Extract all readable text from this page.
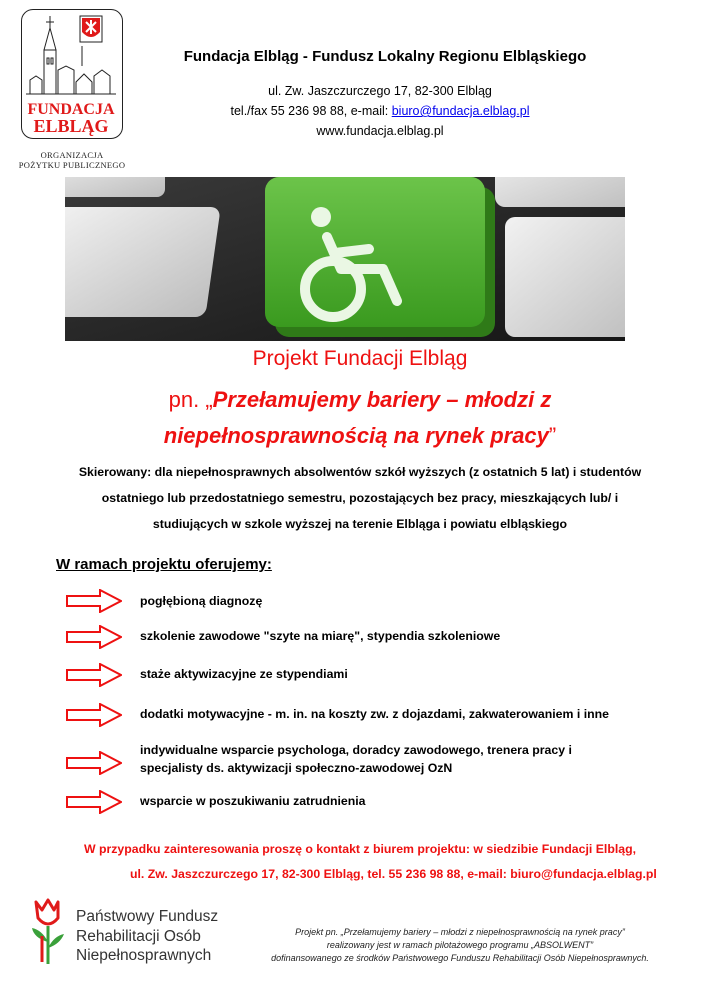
FUNDACJA
ELBLĄG
ORGANIZACJA
POŻYTKU PUBLICZNEGO
Fundacja Elbląg - Fundusz Lokalny Regionu Elbląskiego
ul. Zw. Jaszczurczego 17, 82-300 Elbląg
tel./fax 55 236 98 88, e-mail: biuro@fundacja.elblag.pl
www.fundacja.elblag.pl
Projekt Fundacji Elbląg
pn. „Przełamujemy bariery – młodzi z
niepełnosprawnością na rynek pracy”
Skierowany: dla niepełnosprawnych absolwentów szkół wyższych (z ostatnich 5 lat) i studentów
ostatniego lub przedostatniego semestru, pozostających bez pracy, mieszkających lub/ i
studiujących w szkole wyższej na terenie Elbląga i powiatu elbląskiego
W ramach projektu oferujemy:
pogłębioną diagnozę
szkolenie zawodowe "szyte na miarę", stypendia szkoleniowe
staże aktywizacyjne ze stypendiami
dodatki motywacyjne - m. in. na koszty zw. z dojazdami, zakwaterowaniem i inne
indywidualne wsparcie psychologa, doradcy zawodowego, trenera pracy i
specjalisty ds. aktywizacji społeczno-zawodowej OzN
wsparcie w poszukiwaniu zatrudnienia
W przypadku zainteresowania proszę o kontakt z biurem projektu: w siedzibie Fundacji Elbląg,
ul. Zw. Jaszczurczego 17, 82-300 Elbląg, tel. 55 236 98 88, e-mail: biuro@fundacja.elblag.pl
Państwowy Fundusz
Rehabilitacji Osób
Niepełnosprawnych
Projekt pn. „Przełamujemy bariery – młodzi z niepełnosprawnością na rynek pracy”
realizowany jest w ramach pilotażowego programu „ABSOLWENT”
dofinansowanego ze środków Państwowego Funduszu Rehabilitacji Osób Niepełnosprawnych.
